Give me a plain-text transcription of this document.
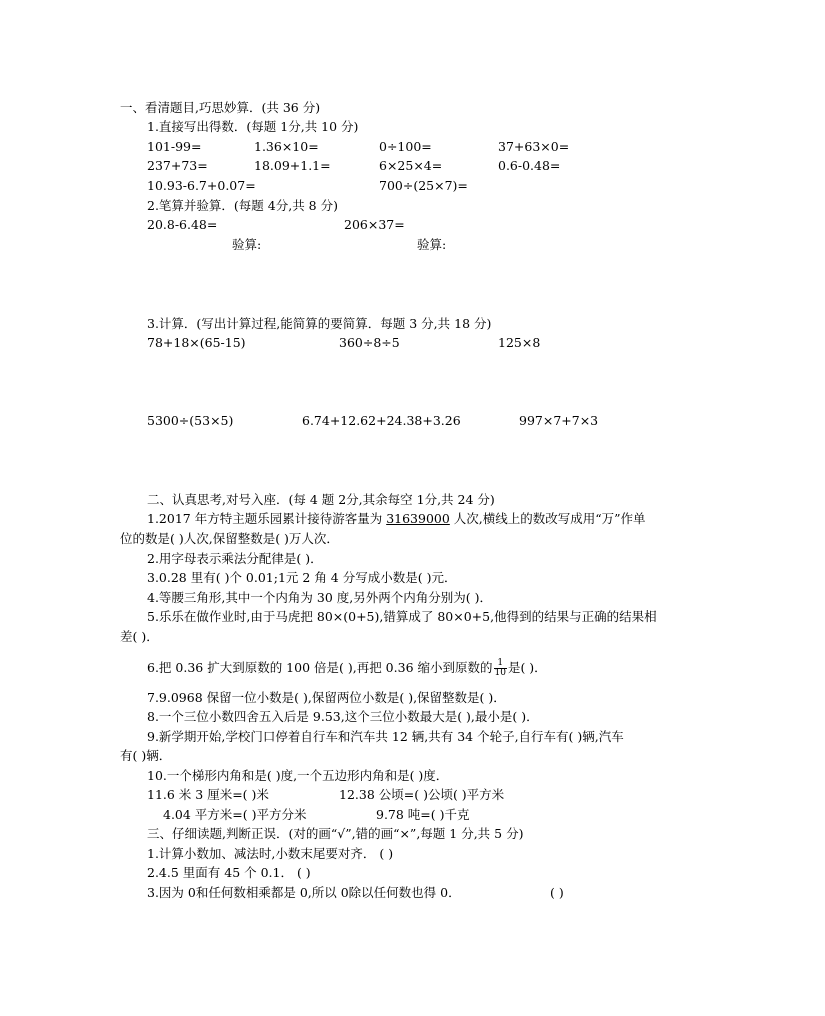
一、看清题目,巧思妙算．(共 36 分)
1.直接写出得数．(每题 1分,共 10 分)
101-99=	1.36×10=	0÷100=	37+63×0=
237+73=	18.09+1.1=	6×25×4=	0.6-0.48=
10.93-6.7+0.07=	700÷(25×7)=
2.笔算并验算．(每题 4分,共 8 分)
20.8-6.48=	206×37=
验算:	验算:
3.计算．(写出计算过程,能简算的要简算．每题 3 分,共 18 分)
78+18×(65-15)	360÷8÷5	125×8
5300÷(53×5)	6.74+12.62+24.38+3.26	997×7+7×3
二、认真思考,对号入座．(每 4 题 2分,其余每空 1分,共 24 分)
1.2017 年方特主题乐园累计接待游客量为 31639000 人次,横线上的数改写成用“万”作单
位的数是( )人次,保留整数是( )万人次．
2.用字母表示乘法分配律是( )．
3.0.28 里有( )个 0.01;1元 2 角 4 分写成小数是( )元．
4.等腰三角形,其中一个内角为 30 度,另外两个内角分别为( )．
5.乐乐在做作业时,由于马虎把 80×(0+5),错算成了 80×0+5,他得到的结果与正确的结果相
差( )．
6.把 0.36 扩大到原数的 100 倍是( ),再把 0.36 缩小到原数的 $\frac{1}{10}$ 是( )．
7.9.0968 保留一位小数是( ),保留两位小数是( ),保留整数是( )．
8.一个三位小数四舍五入后是 9.53,这个三位小数最大是( ),最小是( )．
9.新学期开始,学校门口停着自行车和汽车共 12 辆,共有 34 个轮子,自行车有( )辆,汽车
有( )辆．
10.一个梯形内角和是( )度,一个五边形内角和是( )度．
11.6 米 3 厘米=( )米	12.38 公顷=( )公顷( )平方米
4.04 平方米=( )平方分米	9.78 吨=( )千克
三、仔细读题,判断正误．(对的画“√”,错的画“×”,每题 1 分,共 5 分)
1.计算小数加、减法时,小数末尾要对齐． ( )
2.4.5 里面有 45 个 0.1． ( )
3.因为 0和任何数相乘都是 0,所以 0除以任何数也得 0．	( )
